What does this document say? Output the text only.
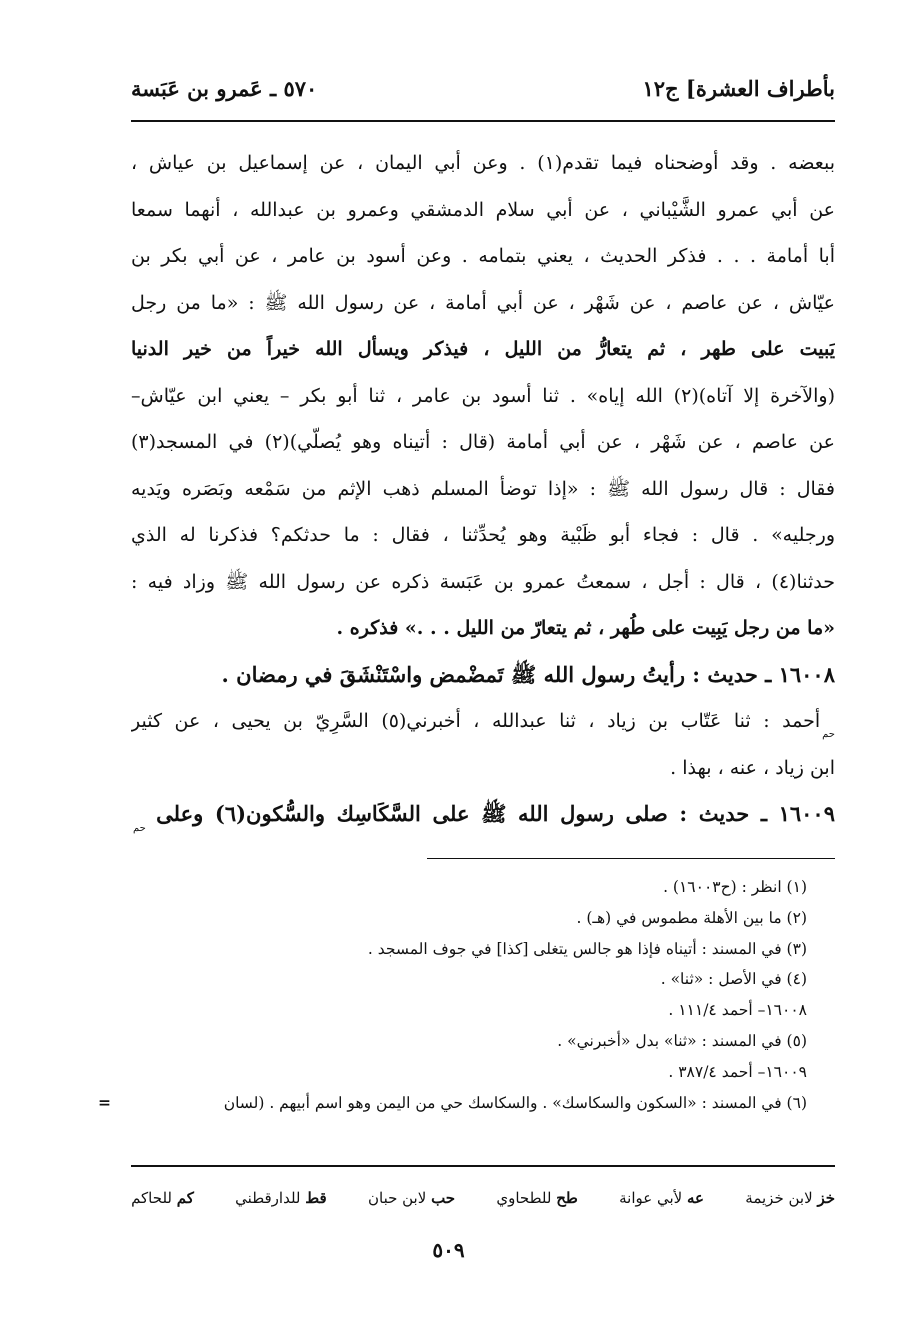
بأطراف العشرة] ج١٢
٥٧٠ ـ عَمرو بن عَبَسة
ببعضه . وقد أوضحناه فيما تقدم(١) . وعن أبي اليمان ، عن إسماعيل بن عياش ،
عن أبي عمرو الشَّيْباني ، عن أبي سلام الدمشقي وعمرو بن عبدالله ، أنهما سمعا
أبا أمامة . . . فذكر الحديث ، يعني بتمامه . وعن أسود بن عامر ، عن أبي بكر بن
عيّاش ، عن عاصم ، عن شَهْر ، عن أبي أمامة ، عن رسول الله ﷺ : «ما من رجل
يَبيت على طهر ، ثم يتعارُّ من الليل ، فيذكر ويسأل الله خيراً من خير الدنيا
(والآخرة إلا آتاه)(٢) الله إياه» . ثنا أسود بن عامر ، ثنا أبو بكر – يعني ابن عيّاش–
عن عاصم ، عن شَهْر ، عن أبي أمامة (قال : أتيناه وهو يُصلّي)(٢) في المسجد(٣)
فقال : قال رسول الله ﷺ : «إذا توضأ المسلم ذهب الإثم من سَمْعه وبَصَره ويَديه
ورجليه» . قال : فجاء أبو ظَبْية وهو يُحدِّثنا ، فقال : ما حدثكم؟ فذكرنا له الذي
حدثنا(٤) ، قال : أجل ، سمعتُ عمرو بن عَبَسة ذكره عن رسول الله ﷺ وزاد فيه :
«ما من رجل يَبِيت على طُهر ، ثم يتعارّ من الليل . . .» فذكره .
١٦٠٠٨ ـ حديث : رأيتُ رسول الله ﷺ تَمضْمض واسْتَنْشَقَ في رمضان .
حمأحمد : ثنا عَتّاب بن زياد ، ثنا عبدالله ، أخبرني(٥) السَّرِيّ بن يحيى ، عن كثير
ابن زياد ، عنه ، بهذا .
١٦٠٠٩ ـ حديث : صلى رسول الله ﷺ على السَّكَاسِك والسُّكون(٦) وعلى حم
(١) انظر : (ح١٦٠٠٣) .
(٢) ما بين الأهلة مطموس في (هـ) .
(٣) في المسند : أتيناه فإذا هو جالس يتغلى [كذا] في جوف المسجد .
(٤) في الأصل : «ثنا» .
١٦٠٠٨– أحمد ١١١/٤ .
(٥) في المسند : «ثنا» بدل «أخبرني» .
١٦٠٠٩– أحمد ٣٨٧/٤ .
(٦) في المسند : «السكون والسكاسك» . والسكاسك حي من اليمن وهو اسم أبيهم . (لسان
=
خز لابن خزيمة
عه لأبي عوانة
طح للطحاوي
حب لابن حبان
قط للدارقطني
كم للحاكم
٥٠٩
